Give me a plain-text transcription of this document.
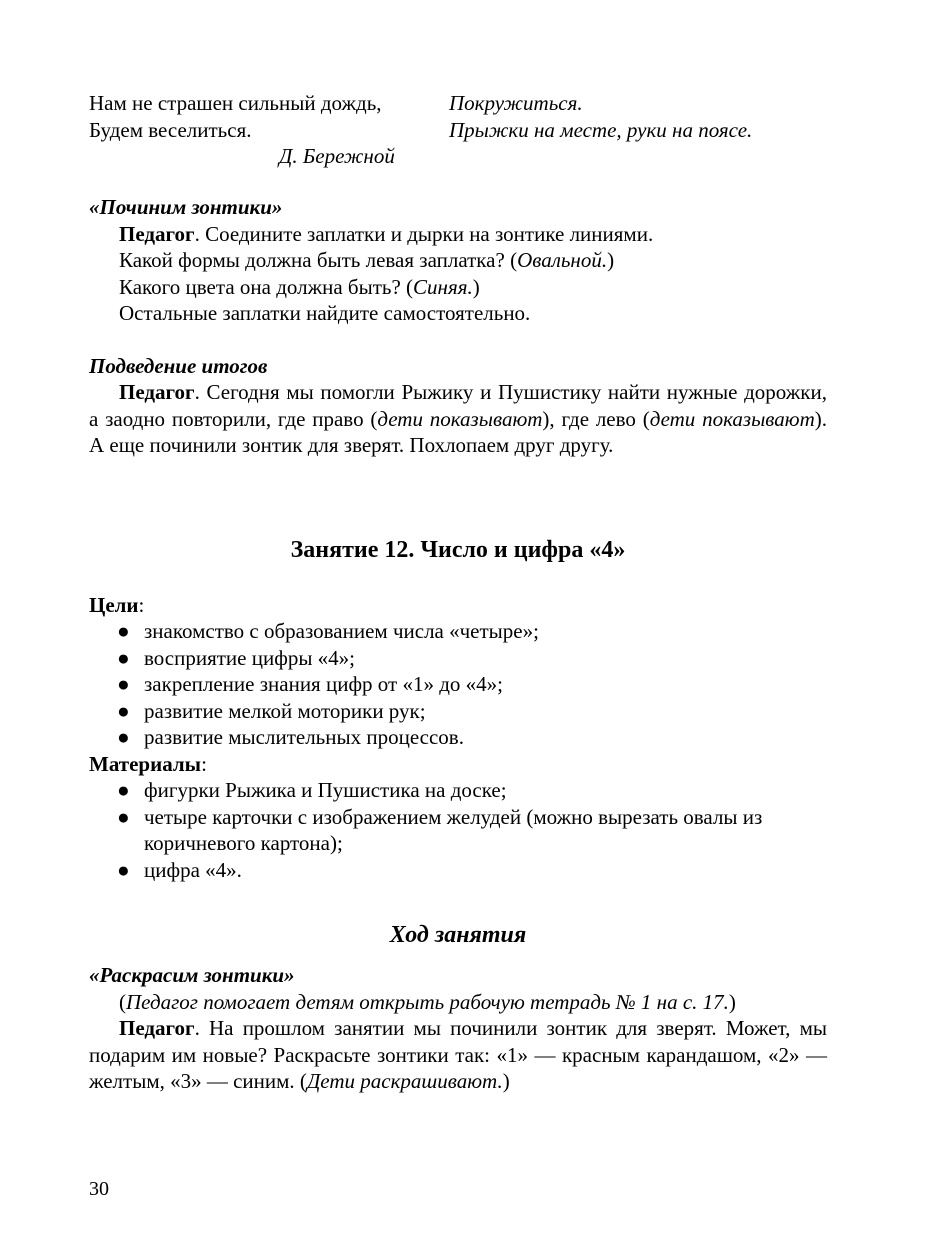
Нам не страшен сильный дождь,
Будем веселиться.
Д. Бережной
Покружиться.
Прыжки на месте, руки на поясе.
«Починим зонтики»
Педагог. Соедините заплатки и дырки на зонтике линиями.
Какой формы должна быть левая заплатка? (Овальной.)
Какого цвета она должна быть? (Синяя.)
Остальные заплатки найдите самостоятельно.
Подведение итогов
Педагог. Сегодня мы помогли Рыжику и Пушистику найти нужные дорожки, а заодно повторили, где право (дети показывают), где лево (дети показывают). А еще починили зонтик для зверят. Похлопаем друг другу.
Занятие 12. Число и цифра «4»
Цели:
● знакомство с образованием числа «четыре»;
● восприятие цифры «4»;
● закрепление знания цифр от «1» до «4»;
● развитие мелкой моторики рук;
● развитие мыслительных процессов.
Материалы:
● фигурки Рыжика и Пушистика на доске;
● четыре карточки с изображением желудей (можно вырезать овалы из коричневого картона);
● цифра «4».
Ход занятия
«Раскрасим зонтики»
(Педагог помогает детям открыть рабочую тетрадь № 1 на с. 17.)
Педагог. На прошлом занятии мы починили зонтик для зверят. Может, мы подарим им новые? Раскрасьте зонтики так: «1» — красным карандашом, «2» — желтым, «3» — синим. (Дети раскрашивают.)
30
